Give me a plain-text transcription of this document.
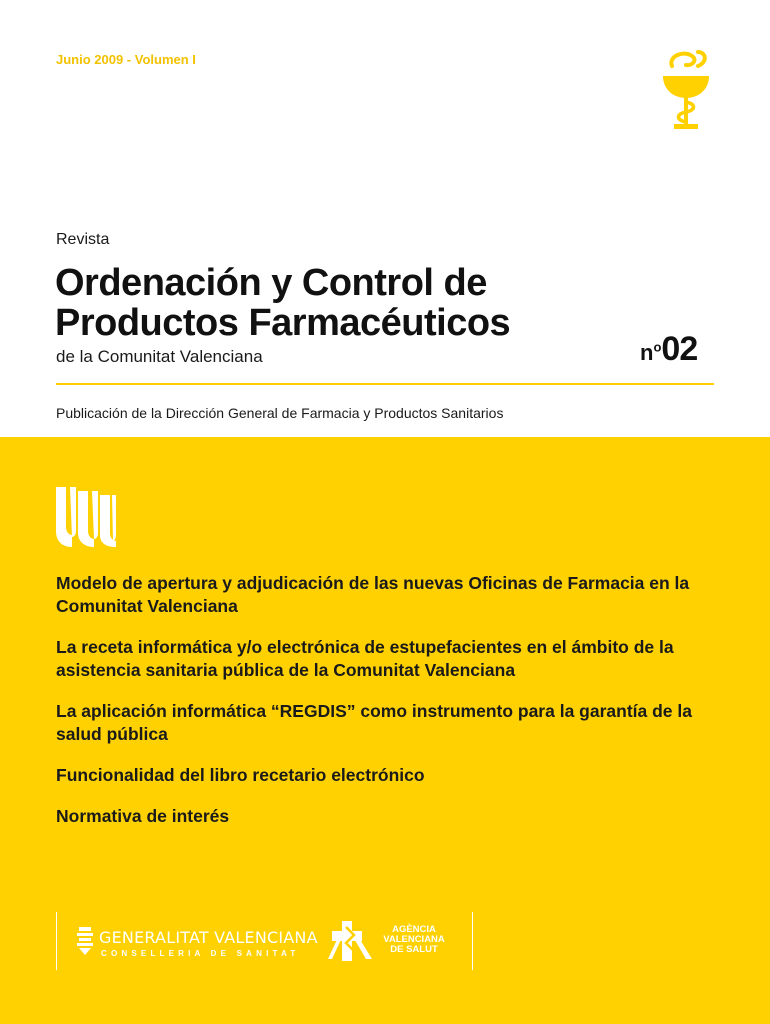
Junio 2009 - Volumen I
Revista
Ordenación y Control de
Productos Farmacéuticos
de la Comunitat Valenciana	$n^o02$
Publicación de la Dirección General de Farmacia y Productos Sanitarios
Modelo de apertura y adjudicación de las nuevas Oficinas de Farmacia en la Comunitat Valenciana
La receta informática y/o electrónica de estupefacientes en el ámbito de la asistencia sanitaria pública de la Comunitat Valenciana
La aplicación informática “REGDIS” como instrumento para la garantía de la salud pública
Funcionalidad del libro recetario electrónico
Normativa de interés
GENERALITAT VALENCIANA
CONSELLERIA DE SANITAT
AGÈNCIA
VALENCIANA
DE SALUT
